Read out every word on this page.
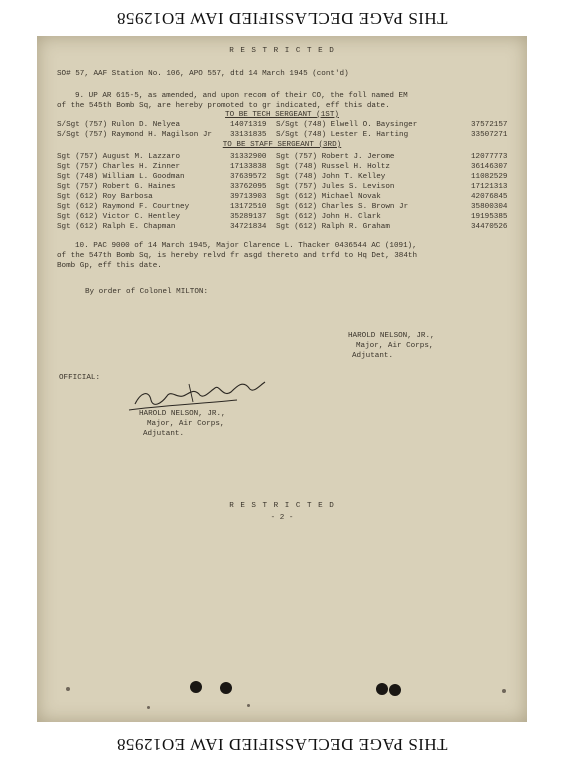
THIS PAGE DECLASSIFIED IAW EO12958
R E S T R I C T E D
SO# 57, AAF Station No. 106, APO 557, dtd 14 March 1945 (cont'd)
9. UP AR 615-5, as amended, and upon recom of their CO, the foll named EM
of the 545th Bomb Sq, are hereby promoted to gr indicated, eff this date.
TO BE TECH SERGEANT (1ST)
S/Sgt (757) Rulon D. Nelyea	14071319 S/Sgt (748) Elwell O. Baysinger	37572157
S/Sgt (757) Raymond H. Magilson Jr 33131835 S/Sgt (748) Lester E. Harting	33507271
TO BE STAFF SERGEANT (3RD)
Sgt (757) August M. Lazzaro	31332900 Sgt (757) Robert J. Jerome	12077773
Sgt (757) Charles H. Zinner	17133838 Sgt (748) Russel H. Holtz	36146307
Sgt (748) William L. Goodman	37639572 Sgt (748) John T. Kelley	11082529
Sgt (757) Robert G. Haines	33762095 Sgt (757) Jules S. Levison	17121313
Sgt (612) Roy Barbosa	39713903 Sgt (612) Michael Novak	42076845
Sgt (612) Raymond F. Courtney	13172510 Sgt (612) Charles S. Brown Jr	35800304
Sgt (612) Victor C. Hentley	35289137 Sgt (612) John H. Clark	19195385
Sgt (612) Ralph E. Chapman	34721834 Sgt (612) Ralph R. Graham	34470526
10. PAC 9000 of 14 March 1945, Major Clarence L. Thacker 0436544 AC (1091),
of the 547th Bomb Sq, is hereby relvd fr asgd thereto and trfd to Hq Det, 384th
Bomb Gp, eff this date.
By order of Colonel MILTON:
HAROLD NELSON, JR.,
Major, Air Corps,
Adjutant.
OFFICIAL:
HAROLD NELSON, JR.,
Major, Air Corps,
Adjutant.
R E S T R I C T E D
- 2 -
THIS PAGE DECLASSIFIED IAW EO12958
